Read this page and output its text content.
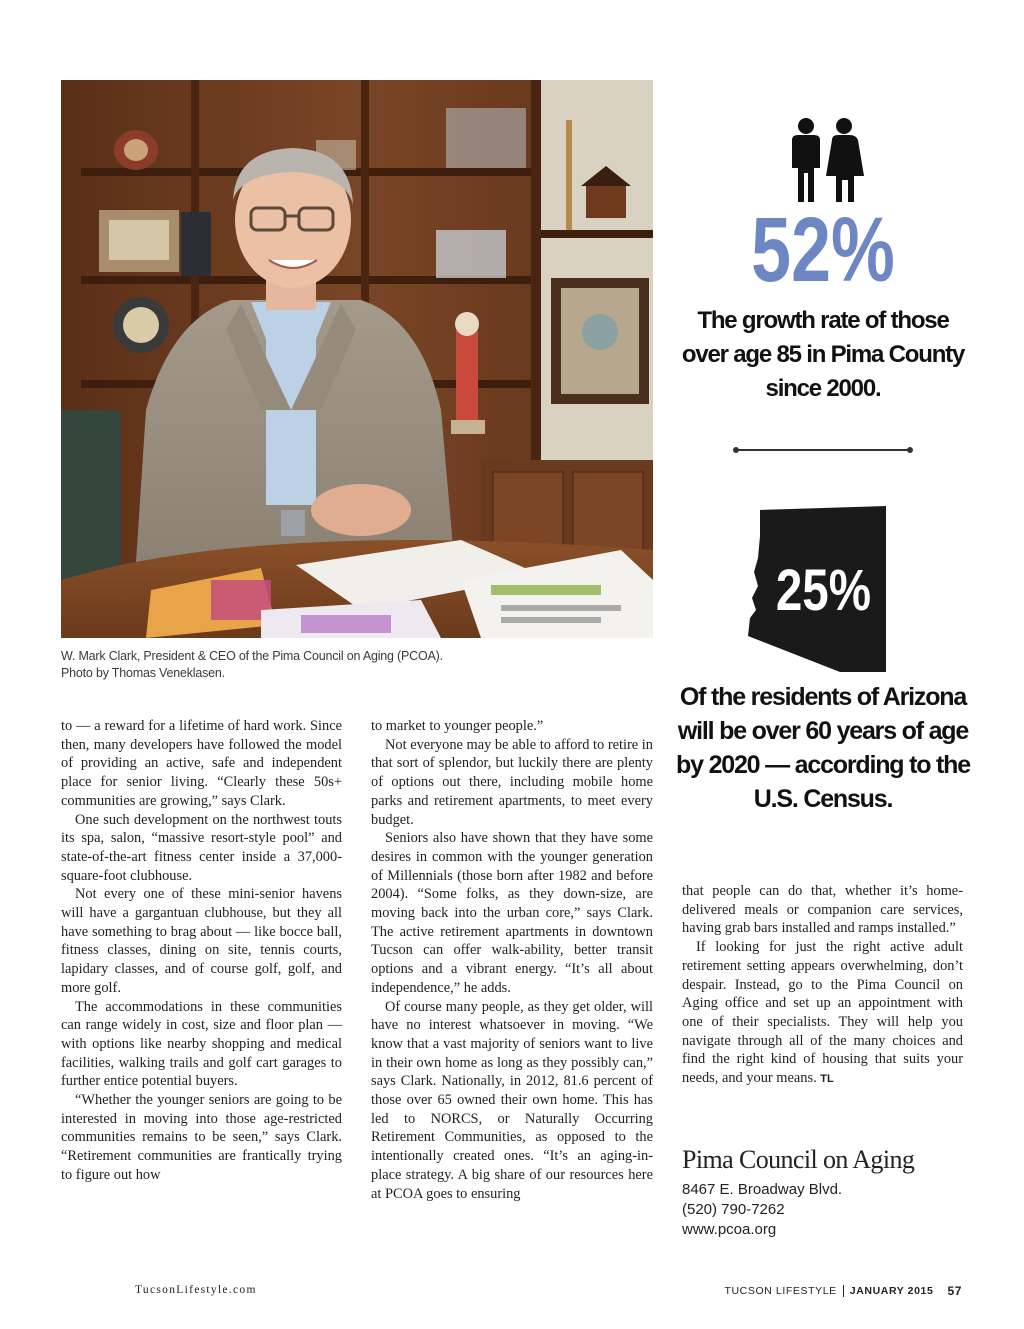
W. Mark Clark, President & CEO of the Pima Council on Aging (PCOA).
Photo by Thomas Veneklasen.

to — a reward for a lifetime of hard work. Since then, many developers have followed the model of providing an active, safe and independent place for senior living. “Clearly these 50s+ communities are growing,” says Clark.

One such development on the northwest touts its spa, salon, “massive resort-style pool” and state-of-the-art fitness center inside a 37,000-square-foot clubhouse.

Not every one of these mini-senior havens will have a gargantuan clubhouse, but they all have something to brag about — like bocce ball, fitness classes, dining on site, tennis courts, lapidary classes, and of course golf, golf, and more golf.

The accommodations in these communities can range widely in cost, size and floor plan — with options like nearby shopping and medical facilities, walking trails and golf cart garages to further entice potential buyers.

“Whether the younger seniors are going to be interested in moving into those age-restricted communities remains to be seen,” says Clark. “Retirement communities are frantically trying to figure out how

to market to younger people.”

Not everyone may be able to afford to retire in that sort of splendor, but luckily there are plenty of options out there, including mobile home parks and retirement apartments, to meet every budget.

Seniors also have shown that they have some desires in common with the younger generation of Millennials (those born after 1982 and before 2004). “Some folks, as they down-size, are moving back into the urban core,” says Clark. The active retirement apartments in downtown Tucson can offer walk-ability, better transit options and a vibrant energy. “It’s all about independence,” he adds.

Of course many people, as they get older, will have no interest whatsoever in moving. “We know that a vast majority of seniors want to live in their own home as long as they possibly can,” says Clark. Nationally, in 2012, 81.6 percent of those over 65 owned their own home. This has led to NORCS, or Naturally Occurring Retirement Communities, as opposed to the intentionally created ones. “It’s an aging-in-place strategy. A big share of our resources here at PCOA goes to ensuring

that people can do that, whether it’s home-delivered meals or companion care services, having grab bars installed and ramps installed.”

If looking for just the right active adult retirement setting appears overwhelming, don’t despair. Instead, go to the Pima Council on Aging office and set up an appointment with one of their specialists. They will help you navigate through all of the many choices and find the right kind of housing that suits your needs, and your means. TL

52%
The growth rate of those over age 85 in Pima County since 2000.
25%
Of the residents of Arizona will be over 60 years of age by 2020 — according to the U.S. Census.
Pima Council on Aging
8467 E. Broadway Blvd.
(520) 790-7262
www.pcoa.org
TucsonLifestyle.com	TUCSON LIFESTYLE JANUARY 2015 57
